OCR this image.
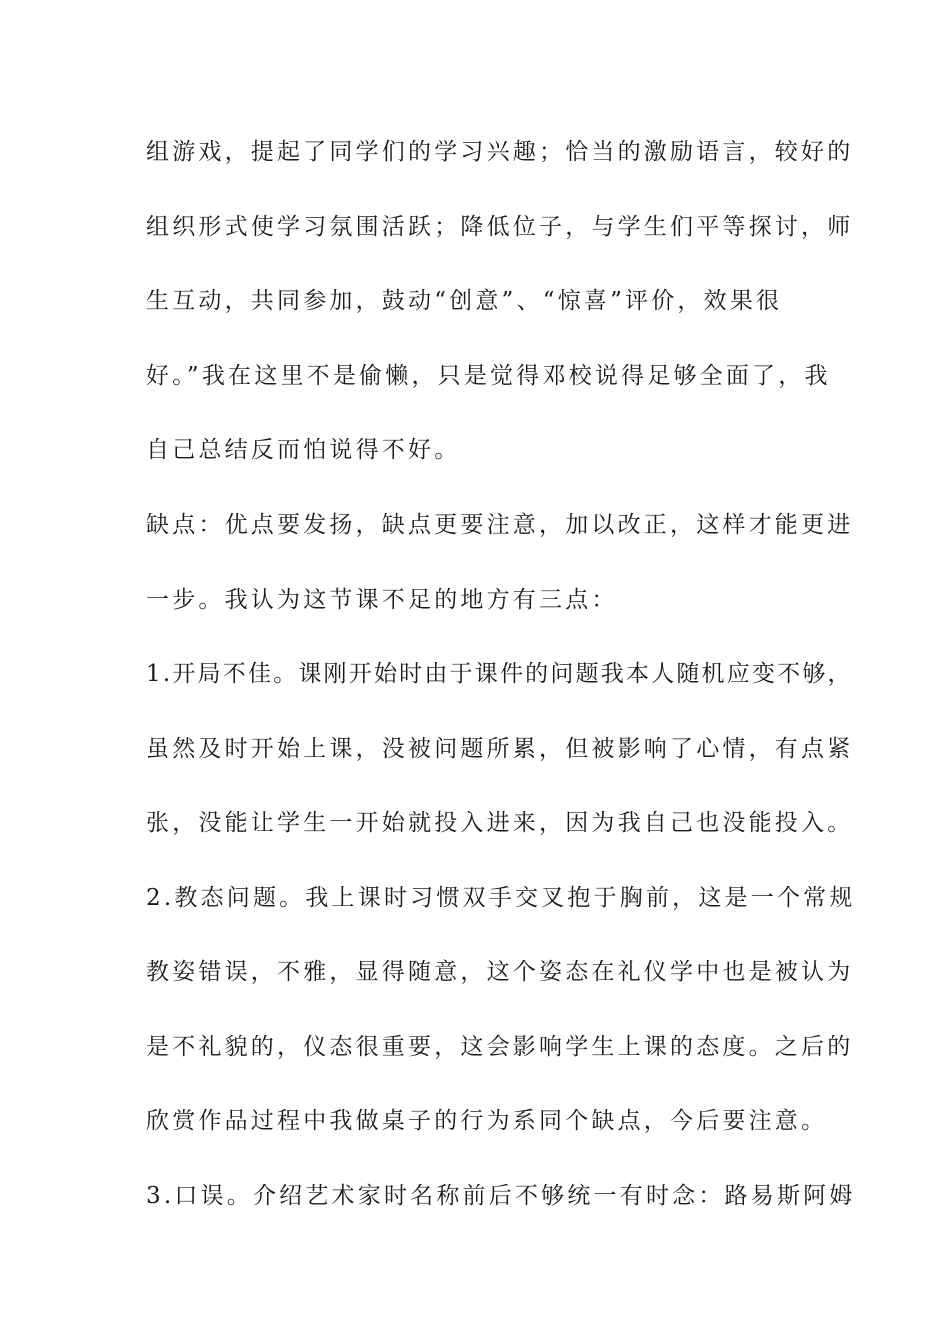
组游戏，提起了同学们的学习兴趣；恰当的激励语言，较好的
组织形式使学习氛围活跃；降低位子，与学生们平等探讨，师
生互动，共同参加，鼓动“创意”、“惊喜”评价，效果很
好。”我在这里不是偷懒，只是觉得邓校说得足够全面了，我
自己总结反而怕说得不好。
缺点：优点要发扬，缺点更要注意，加以改正，这样才能更进
一步。我认为这节课不足的地方有三点：
1.开局不佳。课刚开始时由于课件的问题我本人随机应变不够，
虽然及时开始上课，没被问题所累，但被影响了心情，有点紧
张，没能让学生一开始就投入进来，因为我自己也没能投入。
2.教态问题。我上课时习惯双手交叉抱于胸前，这是一个常规
教姿错误，不雅，显得随意，这个姿态在礼仪学中也是被认为
是不礼貌的，仪态很重要，这会影响学生上课的态度。之后的
欣赏作品过程中我做桌子的行为系同个缺点，今后要注意。
3.口误。介绍艺术家时名称前后不够统一有时念：路易斯阿姆
